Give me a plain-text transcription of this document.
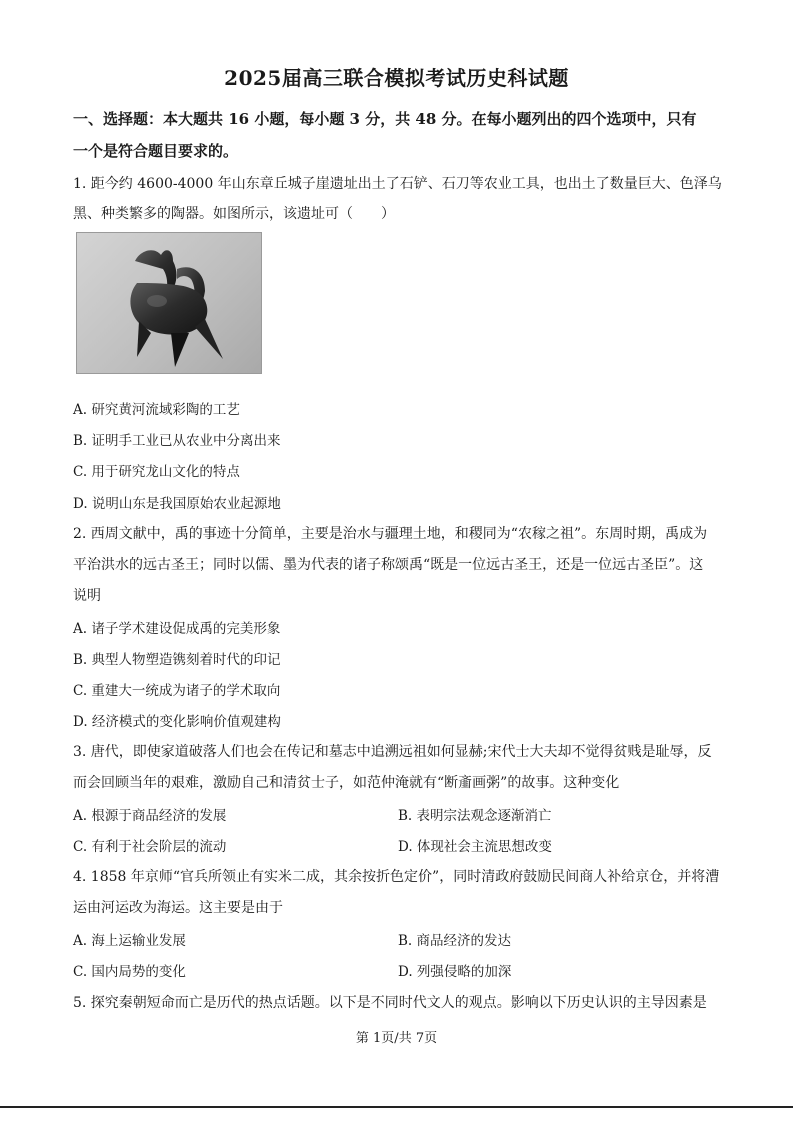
2025届高三联合模拟考试历史科试题
一、选择题：本大题共 16 小题，每小题 3 分，共 48 分。在每小题列出的四个选项中，只有
一个是符合题目要求的。
1. 距今约 4600-4000 年山东章丘城子崖遗址出土了石铲、石刀等农业工具，也出土了数量巨大、色泽乌
黑、种类繁多的陶器。如图所示，该遗址可（　　）
A. 研究黄河流域彩陶的工艺
B. 证明手工业已从农业中分离出来
C. 用于研究龙山文化的特点
D. 说明山东是我国原始农业起源地
2. 西周文献中，禹的事迹十分简单，主要是治水与疆理土地，和稷同为“农稼之祖”。东周时期，禹成为
平治洪水的远古圣王；同时以儒、墨为代表的诸子称颂禹“既是一位远古圣王，还是一位远古圣臣”。这
说明
A. 诸子学术建设促成禹的完美形象
B. 典型人物塑造镌刻着时代的印记
C. 重建大一统成为诸子的学术取向
D. 经济模式的变化影响价值观建构
3. 唐代，即使家道破落人们也会在传记和墓志中追溯远祖如何显赫;宋代士大夫却不觉得贫贱是耻辱，反
而会回顾当年的艰难，激励自己和清贫士子，如范仲淹就有“断齑画粥”的故事。这种变化
A. 根源于商品经济的发展	B. 表明宗法观念逐渐消亡
C. 有利于社会阶层的流动	D. 体现社会主流思想改变
4. 1858 年京师“官兵所领止有实米二成，其余按折色定价”，同时清政府鼓励民间商人补给京仓，并将漕
运由河运改为海运。这主要是由于
A. 海上运输业发展	B. 商品经济的发达
C. 国内局势的变化	D. 列强侵略的加深
5. 探究秦朝短命而亡是历代的热点话题。以下是不同时代文人的观点。影响以下历史认识的主导因素是
第 1页/共 7页
